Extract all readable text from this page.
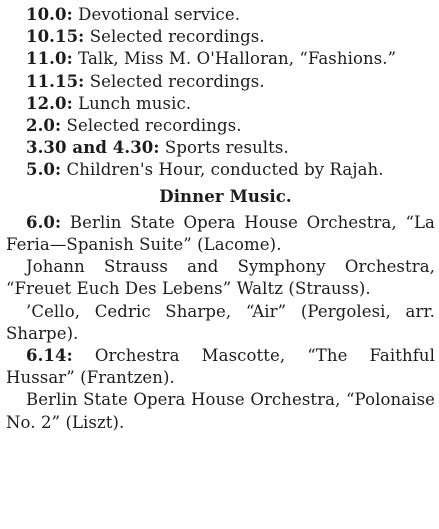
10.0: Devotional service.

10.15: Selected recordings.

11.0: Talk, Miss M. O'Halloran, “Fashions.”

11.15: Selected recordings.

12.0: Lunch music.

2.0: Selected recordings.

3.30 and 4.30: Sports results.

5.0: Children's Hour, conducted by Rajah.

Dinner Music.

6.0: Berlin State Opera House Orchestra, “La Feria—Spanish Suite” (Lacome).

Johann Strauss and Symphony Orchestra, “Freuet Euch Des Lebens” Waltz (Strauss).

’Cello, Cedric Sharpe, “Air” (Pergolesi, arr. Sharpe).

6.14: Orchestra Mascotte, “The Faithful Hussar” (Frantzen).

Berlin State Opera House Orchestra, “Polonaise No. 2” (Liszt).
